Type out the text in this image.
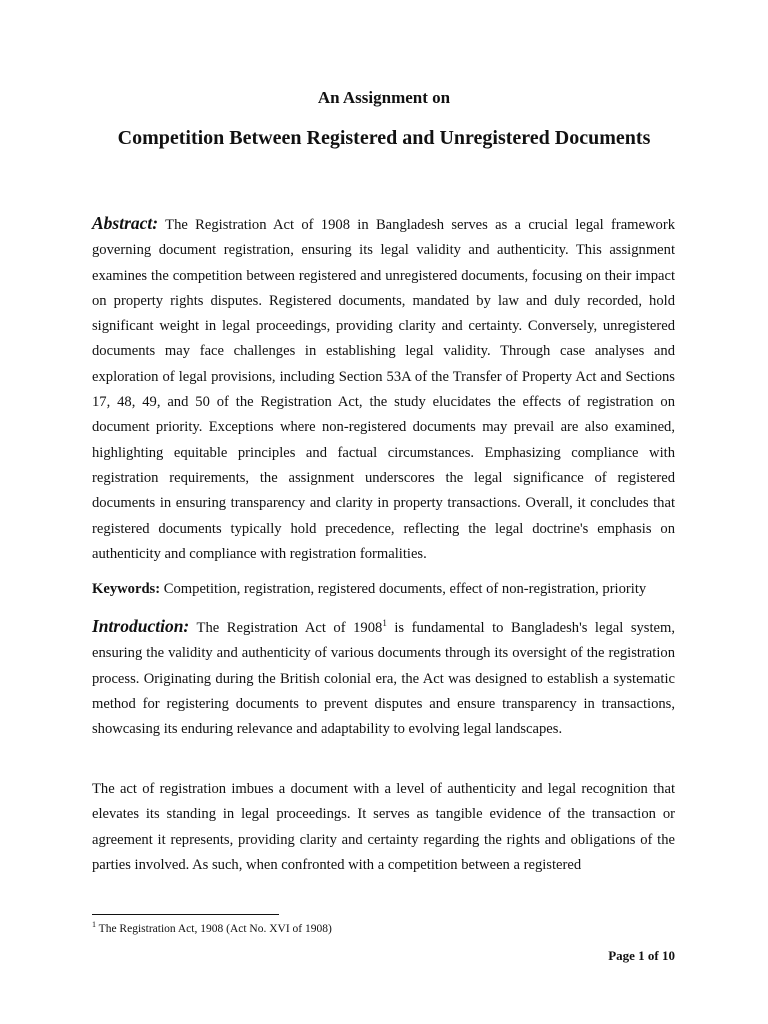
An Assignment on
Competition Between Registered and Unregistered Documents

Abstract: The Registration Act of 1908 in Bangladesh serves as a crucial legal framework governing document registration, ensuring its legal validity and authenticity. This assignment examines the competition between registered and unregistered documents, focusing on their impact on property rights disputes. Registered documents, mandated by law and duly recorded, hold significant weight in legal proceedings, providing clarity and certainty. Conversely, unregistered documents may face challenges in establishing legal validity. Through case analyses and exploration of legal provisions, including Section 53A of the Transfer of Property Act and Sections 17, 48, 49, and 50 of the Registration Act, the study elucidates the effects of registration on document priority. Exceptions where non-registered documents may prevail are also examined, highlighting equitable principles and factual circumstances. Emphasizing compliance with registration requirements, the assignment underscores the legal significance of registered documents in ensuring transparency and clarity in property transactions. Overall, it concludes that registered documents typically hold precedence, reflecting the legal doctrine's emphasis on authenticity and compliance with registration formalities.

Keywords: Competition, registration, registered documents, effect of non-registration, priority

Introduction: The Registration Act of 1908$^1$ is fundamental to Bangladesh's legal system, ensuring the validity and authenticity of various documents through its oversight of the registration process. Originating during the British colonial era, the Act was designed to establish a systematic method for registering documents to prevent disputes and ensure transparency in transactions, showcasing its enduring relevance and adaptability to evolving legal landscapes.

The act of registration imbues a document with a level of authenticity and legal recognition that elevates its standing in legal proceedings. It serves as tangible evidence of the transaction or agreement it represents, providing clarity and certainty regarding the rights and obligations of the parties involved. As such, when confronted with a competition between a registered

$^1$ The Registration Act, 1908 (Act No. XVI of 1908)
Page 1 of 10
